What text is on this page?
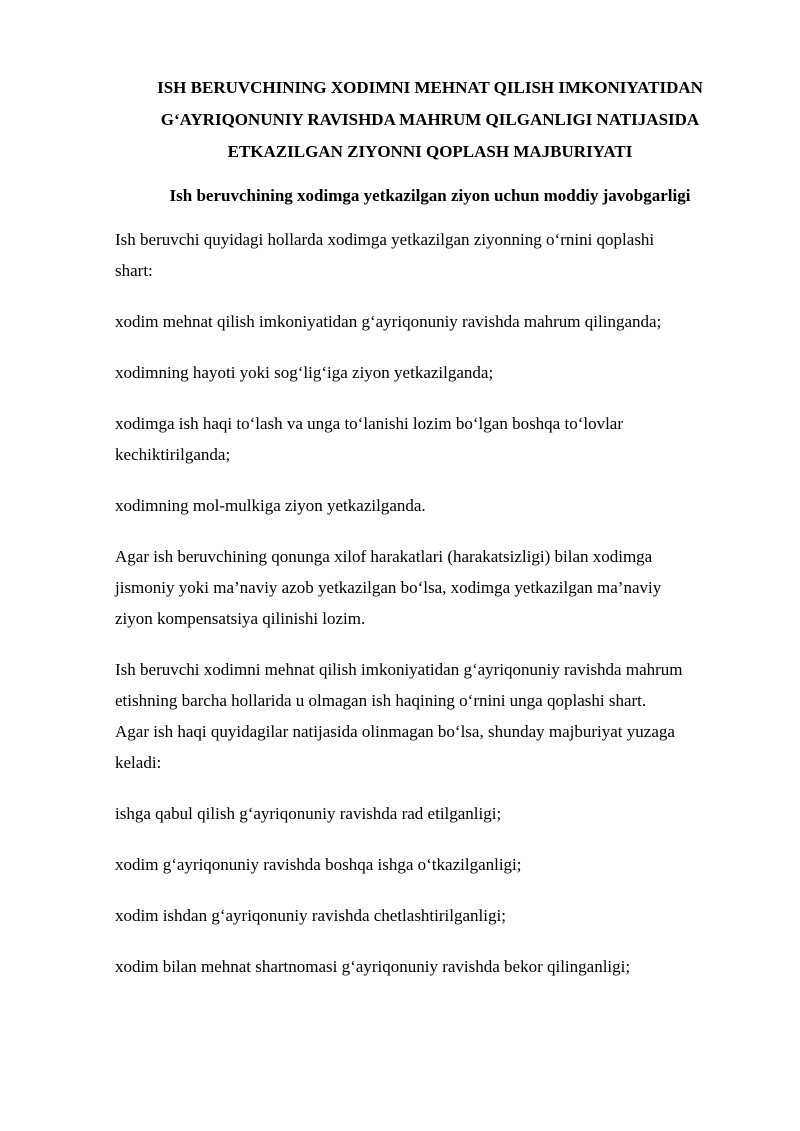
ISH BERUVCHINING XODIMNI MEHNAT QILISH IMKONIYATIDAN
G‘AYRIQONUNIY RAVISHDA MAHRUM QILGANLIGI NATIJASIDA
ETKAZILGAN ZIYONNI QOPLASH MAJBURIYATI
Ish beruvchining xodimga yetkazilgan ziyon uchun moddiy javobgarligi

Ish beruvchi quyidagi hollarda xodimga yetkazilgan ziyonning o‘rnini qoplashi
shart:

xodim mehnat qilish imkoniyatidan g‘ayriqonuniy ravishda mahrum qilinganda;

xodimning hayoti yoki sog‘lig‘iga ziyon yetkazilganda;

xodimga ish haqi to‘lash va unga to‘lanishi lozim bo‘lgan boshqa to‘lovlar
kechiktirilganda;

xodimning mol-mulkiga ziyon yetkazilganda.

Agar ish beruvchining qonunga xilof harakatlari (harakatsizligi) bilan xodimga
jismoniy yoki ma’naviy azob yetkazilgan bo‘lsa, xodimga yetkazilgan ma’naviy
ziyon kompensatsiya qilinishi lozim.

Ish beruvchi xodimni mehnat qilish imkoniyatidan g‘ayriqonuniy ravishda mahrum
etishning barcha hollarida u olmagan ish haqining o‘rnini unga qoplashi shart.
Agar ish haqi quyidagilar natijasida olinmagan bo‘lsa, shunday majburiyat yuzaga
keladi:

ishga qabul qilish g‘ayriqonuniy ravishda rad etilganligi;

xodim g‘ayriqonuniy ravishda boshqa ishga o‘tkazilganligi;

xodim ishdan g‘ayriqonuniy ravishda chetlashtirilganligi;

xodim bilan mehnat shartnomasi g‘ayriqonuniy ravishda bekor qilinganligi;
